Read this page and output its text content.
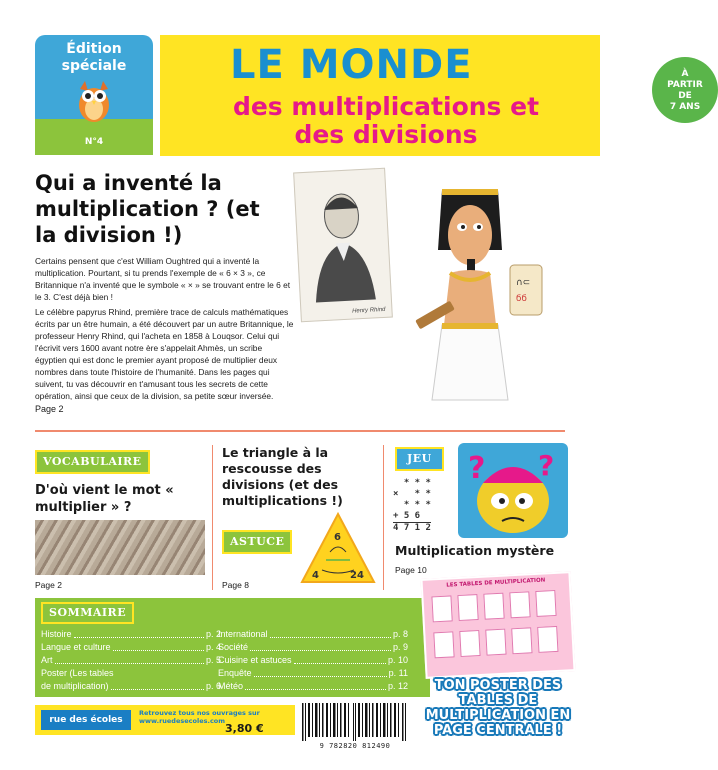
Édition
spéciale
N°4
LE MONDE
des multiplications et des divisions
À
PARTIR
DE
7 ANS
Qui a inventé la multiplication ? (et la division !)

Certains pensent que c'est William Oughtred qui a inventé la multiplication. Pourtant, si tu prends l'exemple de « 6 × 3 », ce Britannique n'a inventé que le symbole « × » se trouvant entre le 6 et le 3. C'est déjà bien !

Le célèbre papyrus Rhind, première trace de calculs mathématiques écrits par un être humain, a été découvert par un autre Britannique, le professeur Henry Rhind, qui l'acheta en 1858 à Louqsor. Celui qui l'écrivit vers 1600 avant notre ère s'appelait Ahmès, un scribe égyptien qui est donc le premier ayant proposé de multiplier deux nombres dans toute l'histoire de l'humanité. Dans les pages qui suivent, tu vas découvrir en t'amusant tous les secrets de cette opération, ainsi que ceux de la division, sa petite sœur inversée.

Page 2
Henry Rhind
∩⊂
ϭϭ
VOCABULAIRE
D'où vient le mot « multiplier » ?
Page 2
Le triangle à la rescousse des divisions (et des multiplications !)
ASTUCE	6
4	24
Page 8
JEU
* * *
×   * *
* * *
+ 5 6
4 7 1 2
? ?
Multiplication mystère
Page 10
SOMMAIRE
Histoire	p. 2
Langue et culture	p. 4
Art	p. 5
Poster (Les tables
de multiplication)	p. 6
International	p. 8
Société	p. 9
Cuisine et astuces	p. 10
Enquête	p. 11
Météo	p. 12
LES TABLES DE MULTIPLICATION
TON POSTER DES TABLES DE MULTIPLICATION EN PAGE CENTRALE !
rue des écoles
Retrouvez tous nos ouvrages sur www.ruedesecoles.com
3,80 €
9 782820 812490
